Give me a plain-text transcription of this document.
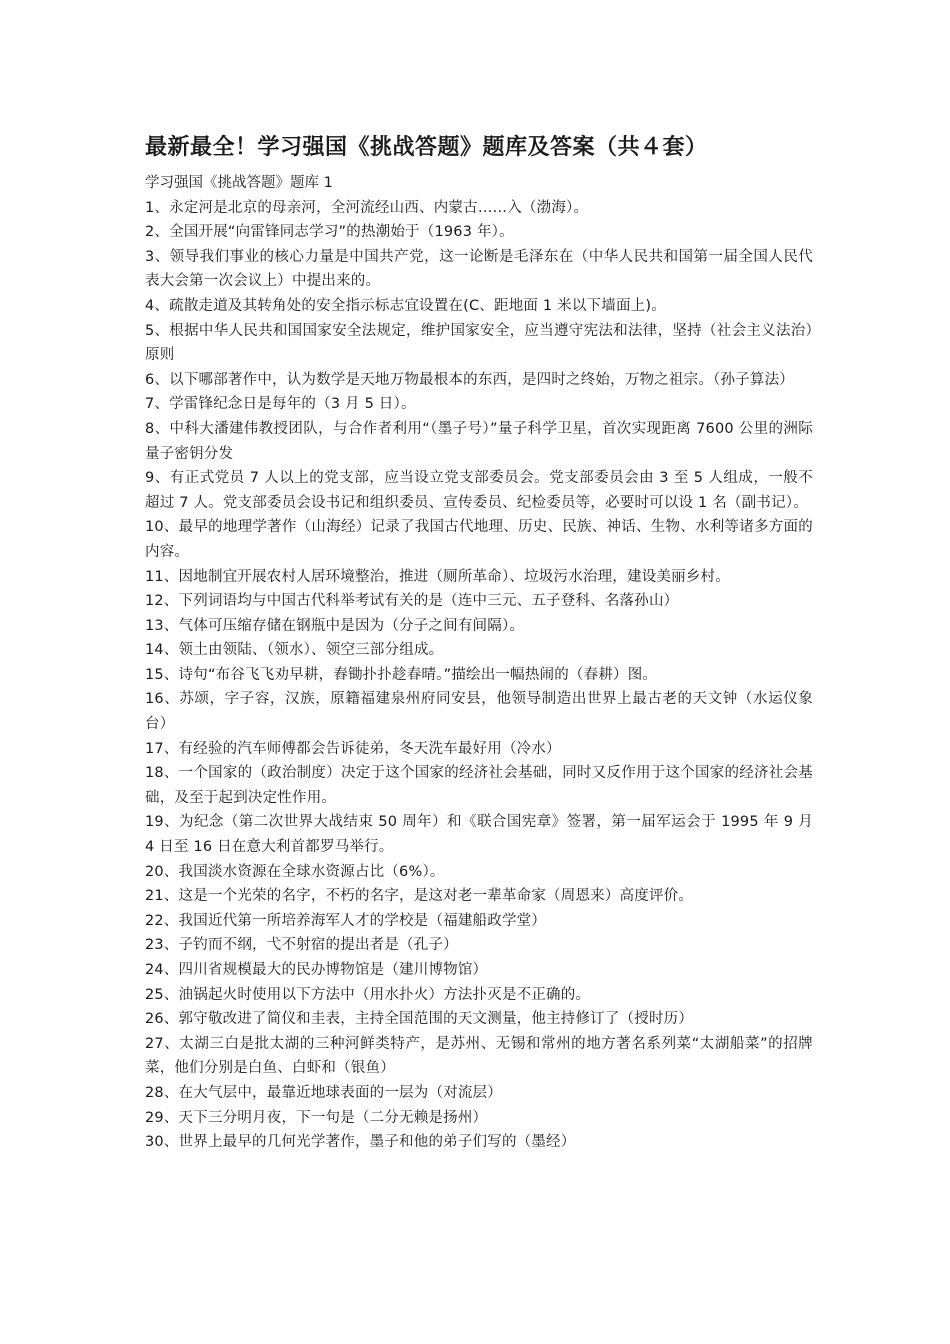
最新最全！学习强国《挑战答题》题库及答案（共４套）

学习强国《挑战答题》题库 1

1、永定河是北京的母亲河，全河流经山西、内蒙古……入（渤海）。
2、全国开展“向雷锋同志学习”的热潮始于（1963 年）。
3、领导我们事业的核心力量是中国共产党，这一论断是毛泽东在（中华人民共和国第一届全国人民代表大会第一次会议上）中提出来的。
4、疏散走道及其转角处的安全指示标志宜设置在(C、距地面 1 米以下墙面上)。
5、根据中华人民共和国国家安全法规定，维护国家安全，应当遵守宪法和法律，坚持（社会主义法治）原则
6、以下哪部著作中，认为数学是天地万物最根本的东西，是四时之终始，万物之祖宗。（孙子算法）
7、学雷锋纪念日是每年的（3 月 5 日）。
8、中科大潘建伟教授团队，与合作者利用“（墨子号）”量子科学卫星，首次实现距离 7600 公里的洲际量子密钥分发
9、有正式党员 7 人以上的党支部，应当设立党支部委员会。党支部委员会由 3 至 5 人组成，一般不超过 7 人。党支部委员会设书记和组织委员、宣传委员、纪检委员等，必要时可以设 1 名（副书记）。
10、最早的地理学著作（山海经）记录了我国古代地理、历史、民族、神话、生物、水利等诸多方面的内容。
11、因地制宜开展农村人居环境整治，推进（厕所革命）、垃圾污水治理，建设美丽乡村。
12、下列词语均与中国古代科举考试有关的是（连中三元、五子登科、名落孙山）
13、气体可压缩存储在钢瓶中是因为（分子之间有间隔）。
14、领土由领陆、（领水）、领空三部分组成。
15、诗句“布谷飞飞劝早耕，舂锄扑扑趁春晴。”描绘出一幅热闹的（春耕）图。
16、苏颂，字子容，汉族，原籍福建泉州府同安县，他领导制造出世界上最古老的天文钟（水运仪象台）
17、有经验的汽车师傅都会告诉徒弟，冬天洗车最好用（冷水）
18、一个国家的（政治制度）决定于这个国家的经济社会基础，同时又反作用于这个国家的经济社会基础，及至于起到决定性作用。
19、为纪念（第二次世界大战结束 50 周年）和《联合国宪章》签署，第一届军运会于 1995 年 9 月 4 日至 16 日在意大利首都罗马举行。
20、我国淡水资源在全球水资源占比（6%）。
21、这是一个光荣的名字，不朽的名字，是这对老一辈革命家（周恩来）高度评价。
22、我国近代第一所培养海军人才的学校是（福建船政学堂）
23、子钓而不纲，弋不射宿的提出者是（孔子）
24、四川省规模最大的民办博物馆是（建川博物馆）
25、油锅起火时使用以下方法中（用水扑火）方法扑灭是不正确的。
26、郭守敬改进了简仪和圭表，主持全国范围的天文测量，他主持修订了（授时历）
27、太湖三白是批太湖的三种河鲜类特产，是苏州、无锡和常州的地方著名系列菜“太湖船菜”的招牌菜，他们分别是白鱼、白虾和（银鱼）
28、在大气层中，最靠近地球表面的一层为（对流层）
29、天下三分明月夜，下一句是（二分无赖是扬州）
30、世界上最早的几何光学著作，墨子和他的弟子们写的（墨经）
